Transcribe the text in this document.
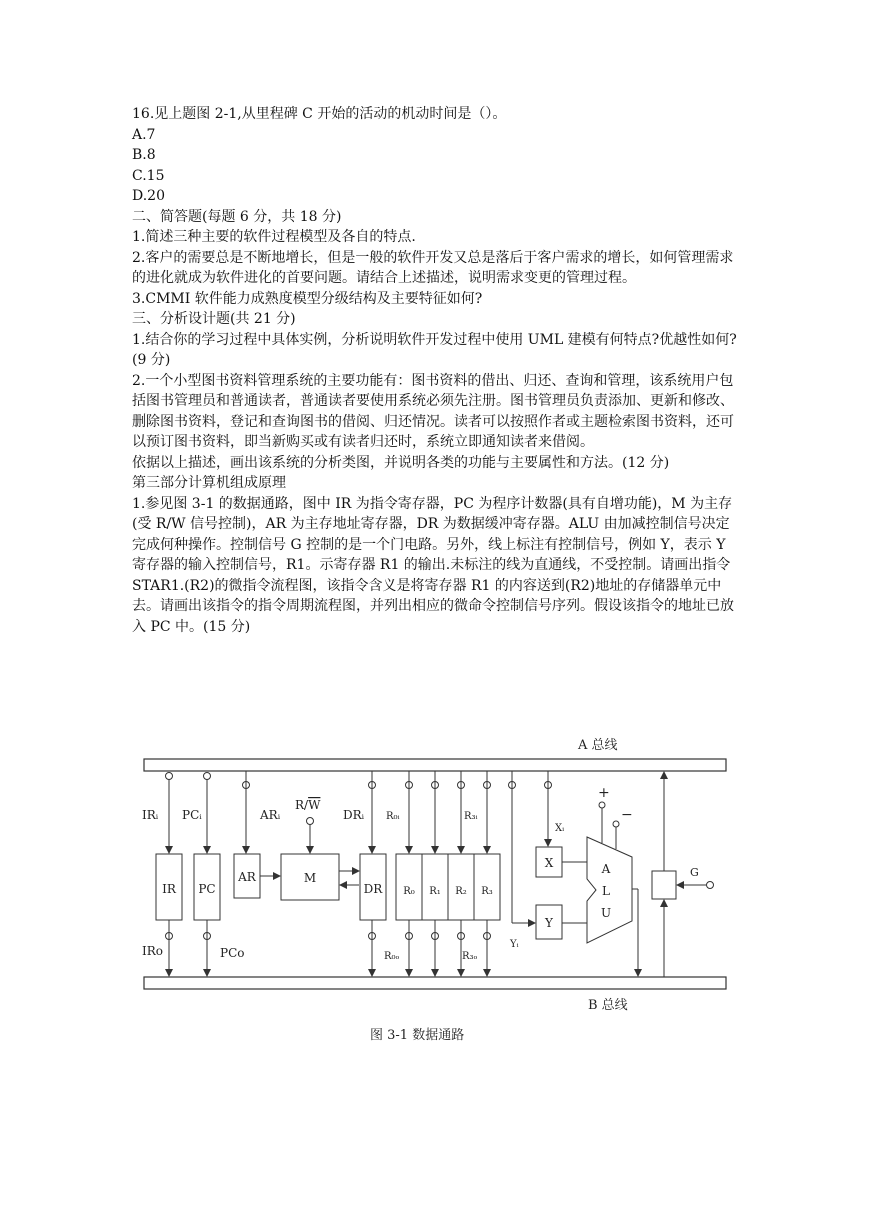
16.见上题图 2-1,从里程碑 C 开始的活动的机动时间是（）。

A.7

B.8

C.15

D.20

二、简答题(每题 6 分，共 18 分)

1.简述三种主要的软件过程模型及各自的特点.

2.客户的需要总是不断地增长，但是一般的软件开发又总是落后于客户需求的增长，如何管理需求的进化就成为软件进化的首要问题。请结合上述描述，说明需求变更的管理过程。

3.CMMI 软件能力成熟度模型分级结构及主要特征如何?

三、分析设计题(共 21 分)

1.结合你的学习过程中具体实例，分析说明软件开发过程中使用 UML 建模有何特点?优越性如何?(9 分)

2.一个小型图书资料管理系统的主要功能有：图书资料的借出、归还、查询和管理，该系统用户包括图书管理员和普通读者，普通读者要使用系统必须先注册。图书管理员负责添加、更新和修改、删除图书资料，登记和查询图书的借阅、归还情况。读者可以按照作者或主题检索图书资料，还可以预订图书资料，即当新购买或有读者归还时，系统立即通知读者来借阅。

依据以上描述，画出该系统的分析类图，并说明各类的功能与主要属性和方法。(12 分)

第三部分计算机组成原理

1.参见图 3-1 的数据通路，图中 IR 为指令寄存器，PC 为程序计数器(具有自增功能)，M 为主存(受 R/W 信号控制)，AR 为主存地址寄存器，DR 为数据缓冲寄存器。ALU 由加减控制信号决定完成何种操作。控制信号 G 控制的是一个门电路。另外，线上标注有控制信号，例如 Y，表示 Y 寄存器的输入控制信号，R1。示寄存器 R1 的输出.未标注的线为直通线，不受控制。请画出指令 STAR1.(R2)的微指令流程图，该指令含义是将寄存器 R1 的内容送到(R2)地址的存储器单元中去。请画出该指令的指令周期流程图，并列出相应的微命令控制信号序列。假设该指令的地址已放入 PC 中。(15 分)

A 总线
B 总线
IR
IRᵢ
IRo
PC
PCᵢ
PCo
AR
ARᵢ
M
R/W
DR
DRᵢ
R₀ R₁ R₂ R₃
R₀ᵢ	R₃ᵢ
R₀ₒ	R₃ₒ
Xᵢ
X
Yᵢ
Y
A
L
U
+
−
G
图 3-1 数据通路
